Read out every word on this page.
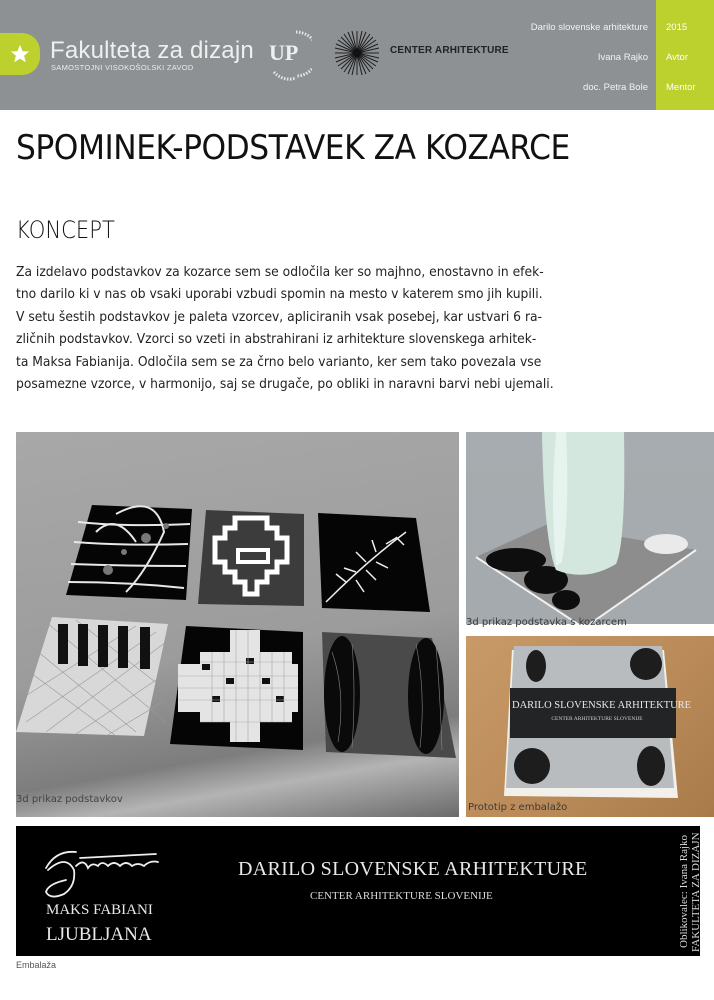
Fakulteta za dizajn
SAMOSTOJNI VISOKOŠOLSKI ZAVOD
UP	CENTER ARHITEKTURE
Darilo slovenske arhitekture
Ivana Rajko
doc. Petra Bole
2015
Avtor
Mentor
SPOMINEK-PODSTAVEK ZA KOZARCE
KONCEPT
Za izdelavo podstavkov za kozarce sem se odločila ker so majhno, enostavno in efek-
tno darilo ki v nas ob vsaki uporabi vzbudi spomin na mesto v katerem smo jih kupili.
V setu šestih podstavkov je paleta vzorcev, apliciranih vsak posebej, kar ustvari 6 ra-
zličnih podstavkov. Vzorci so vzeti in abstrahirani iz arhitekture slovenskega arhitek-
ta Maksa Fabianija. Odločila sem se za črno belo varianto, ker sem tako povezala vse
posamezne vzorce, v harmonijo, saj se drugače, po obliki in naravni barvi nebi ujemali.
3d prikaz podstavkov
3d prikaz podstavka s kozarcem
DARILO SLOVENSKE ARHITEKTURE
CENTER ARHITEKTURE SLOVENIJE
Prototip z embalažo
MAKS FABIANI
LJUBLJANA
DARILO SLOVENSKE ARHITEKTURE
CENTER ARHITEKTURE SLOVENIJE	Oblikovalec: Ivana Rajko FAKULTETA ZA DIZAJN
Embalaža
